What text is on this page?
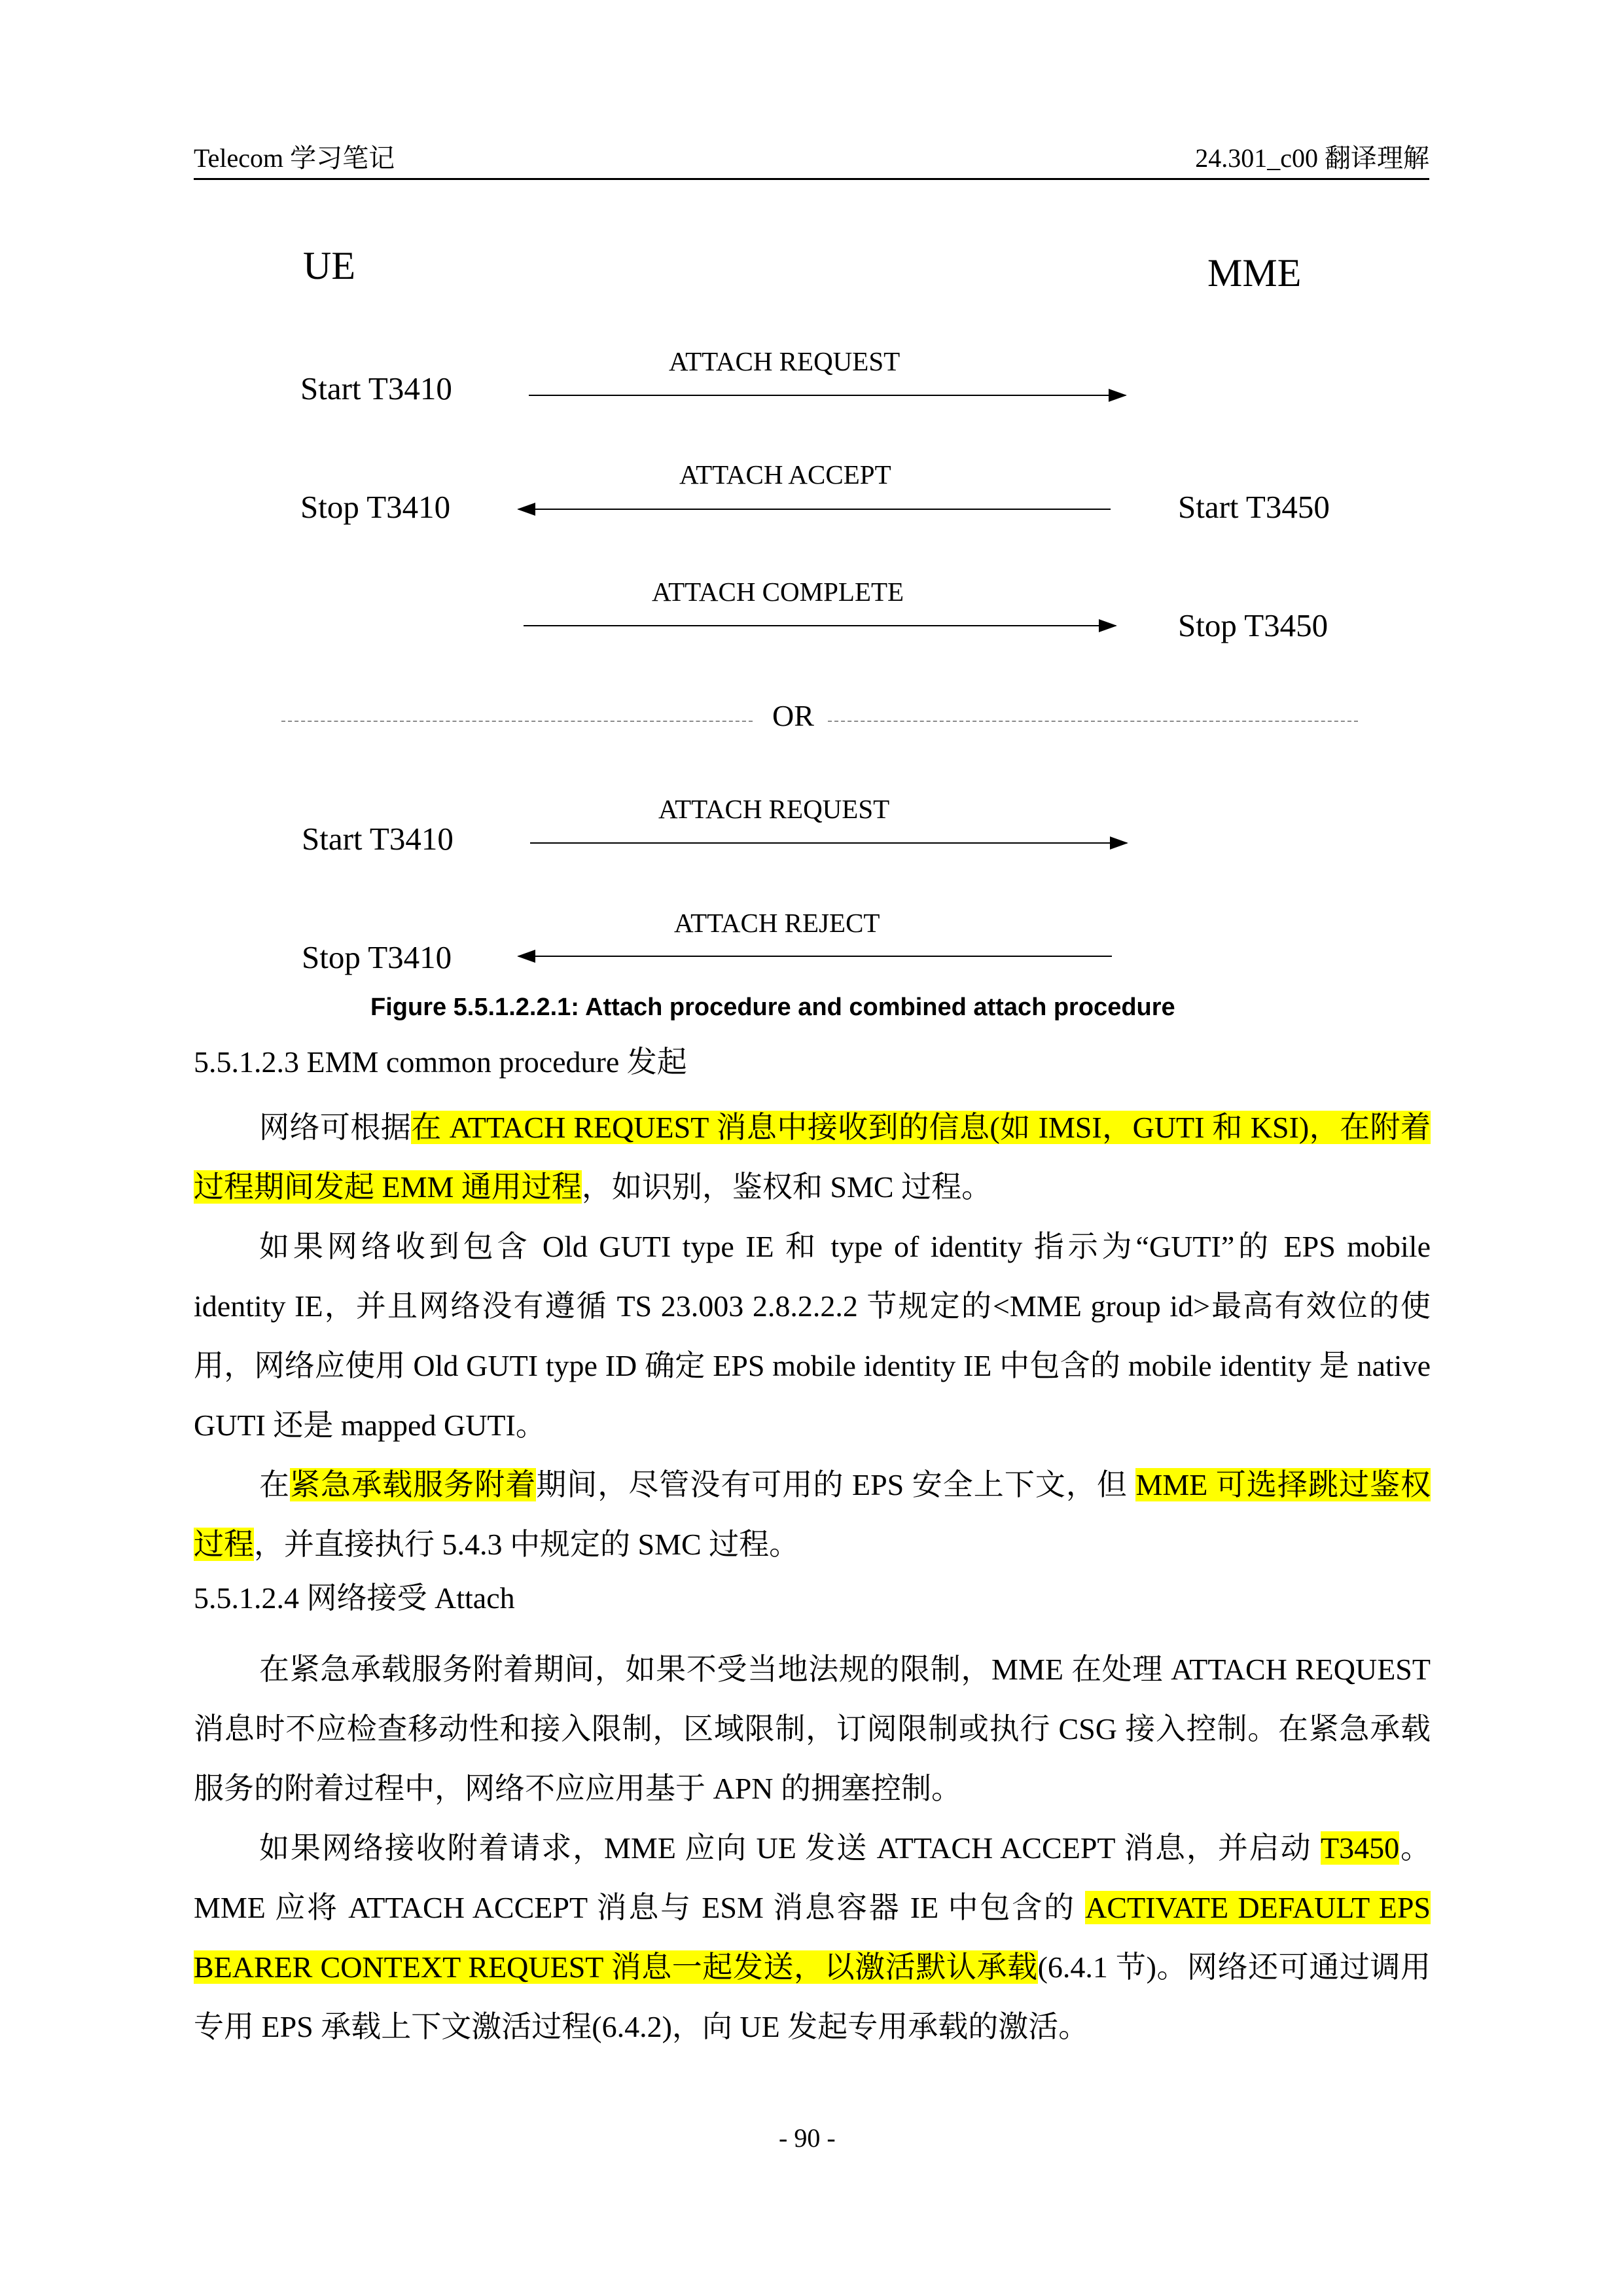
Telecom 学习笔记	24.301_c00 翻译理解
UE	MME
ATTACH REQUEST
Start T3410
ATTACH ACCEPT
Stop T3410	Start T3450
ATTACH COMPLETE
Stop T3450
OR
ATTACH REQUEST
Start T3410
ATTACH REJECT
Stop T3410
Figure 5.5.1.2.2.1: Attach procedure and combined attach procedure
5.5.1.2.3 EMM common procedure 发起
网络可根据在 ATTACH REQUEST 消息中接收到的信息(如 IMSI，GUTI 和 KSI)，在附着过程期间发起 EMM 通用过程，如识别，鉴权和 SMC 过程。
如果网络收到包含 Old GUTI type IE 和 type of identity 指示为“GUTI”的 EPS mobile identity IE，并且网络没有遵循 TS 23.003 2.8.2.2.2 节规定的<MME group id>最高有效位的使用，网络应使用 Old GUTI type ID 确定 EPS mobile identity IE 中包含的 mobile identity 是 native GUTI 还是 mapped GUTI。
在紧急承载服务附着期间，尽管没有可用的 EPS 安全上下文，但 MME 可选择跳过鉴权过程，并直接执行 5.4.3 中规定的 SMC 过程。
5.5.1.2.4 网络接受 Attach
在紧急承载服务附着期间，如果不受当地法规的限制，MME 在处理 ATTACH REQUEST 消息时不应检查移动性和接入限制，区域限制，订阅限制或执行 CSG 接入控制。在紧急承载服务的附着过程中，网络不应应用基于 APN 的拥塞控制。
如果网络接收附着请求，MME 应向 UE 发送 ATTACH ACCEPT 消息，并启动 T3450。MME 应将 ATTACH ACCEPT 消息与 ESM 消息容器 IE 中包含的 ACTIVATE DEFAULT EPS BEARER CONTEXT REQUEST 消息一起发送，以激活默认承载(6.4.1 节)。网络还可通过调用专用 EPS 承载上下文激活过程(6.4.2)，向 UE 发起专用承载的激活。
- 90 -
